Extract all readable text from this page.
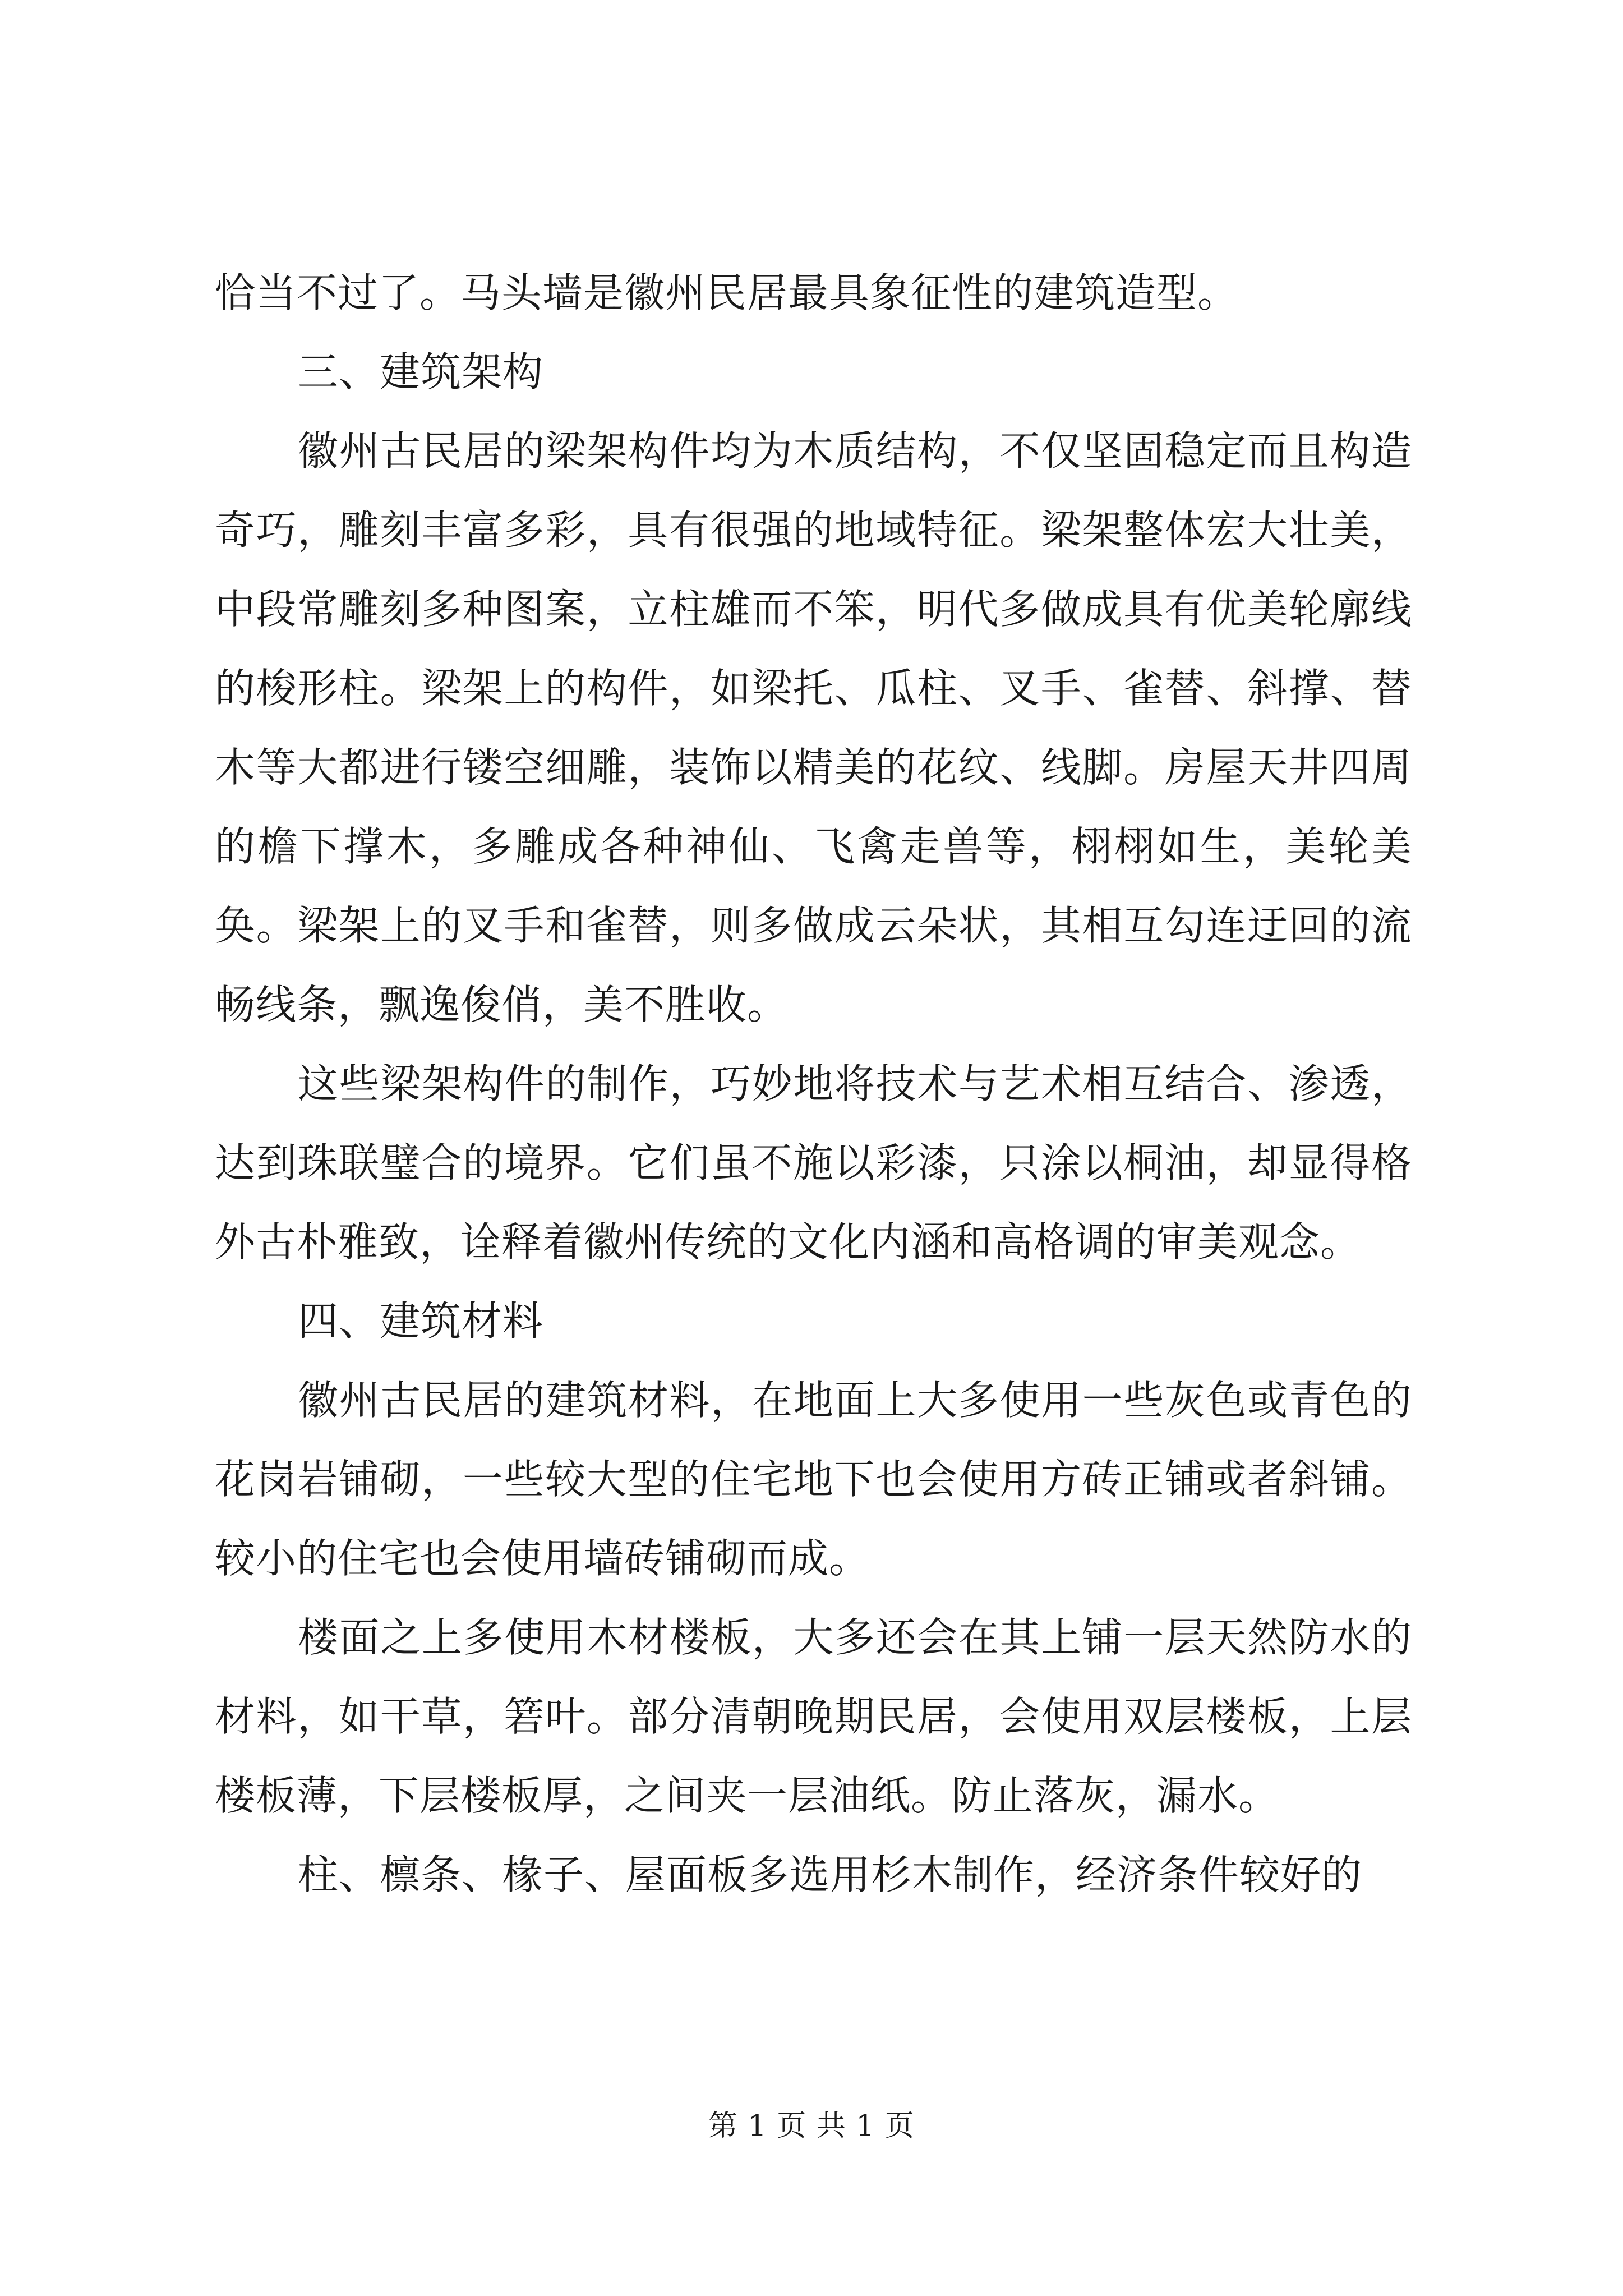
恰当不过了。马头墙是徽州民居最具象征性的建筑造型。

三、建筑架构

徽州古民居的梁架构件均为木质结构，不仅坚固稳定而且构造奇巧，雕刻丰富多彩，具有很强的地域特征。梁架整体宏大壮美，中段常雕刻多种图案，立柱雄而不笨，明代多做成具有优美轮廓线的梭形柱。梁架上的构件，如梁托、瓜柱、叉手、雀替、斜撑、替木等大都进行镂空细雕，装饰以精美的花纹、线脚。房屋天井四周的檐下撑木，多雕成各种神仙、飞禽走兽等，栩栩如生，美轮美奂。梁架上的叉手和雀替，则多做成云朵状，其相互勾连迂回的流畅线条，飘逸俊俏，美不胜收。

这些梁架构件的制作，巧妙地将技术与艺术相互结合、渗透，达到珠联璧合的境界。它们虽不施以彩漆，只涂以桐油，却显得格外古朴雅致，诠释着徽州传统的文化内涵和高格调的审美观念。

四、建筑材料

徽州古民居的建筑材料，在地面上大多使用一些灰色或青色的花岗岩铺砌，一些较大型的住宅地下也会使用方砖正铺或者斜铺。较小的住宅也会使用墙砖铺砌而成。

楼面之上多使用木材楼板，大多还会在其上铺一层天然防水的材料，如干草，箬叶。部分清朝晚期民居，会使用双层楼板，上层楼板薄，下层楼板厚，之间夹一层油纸。防止落灰，漏水。

柱、檩条、椽子、屋面板多选用杉木制作，经济条件较好的

第 1 页 共 1 页
